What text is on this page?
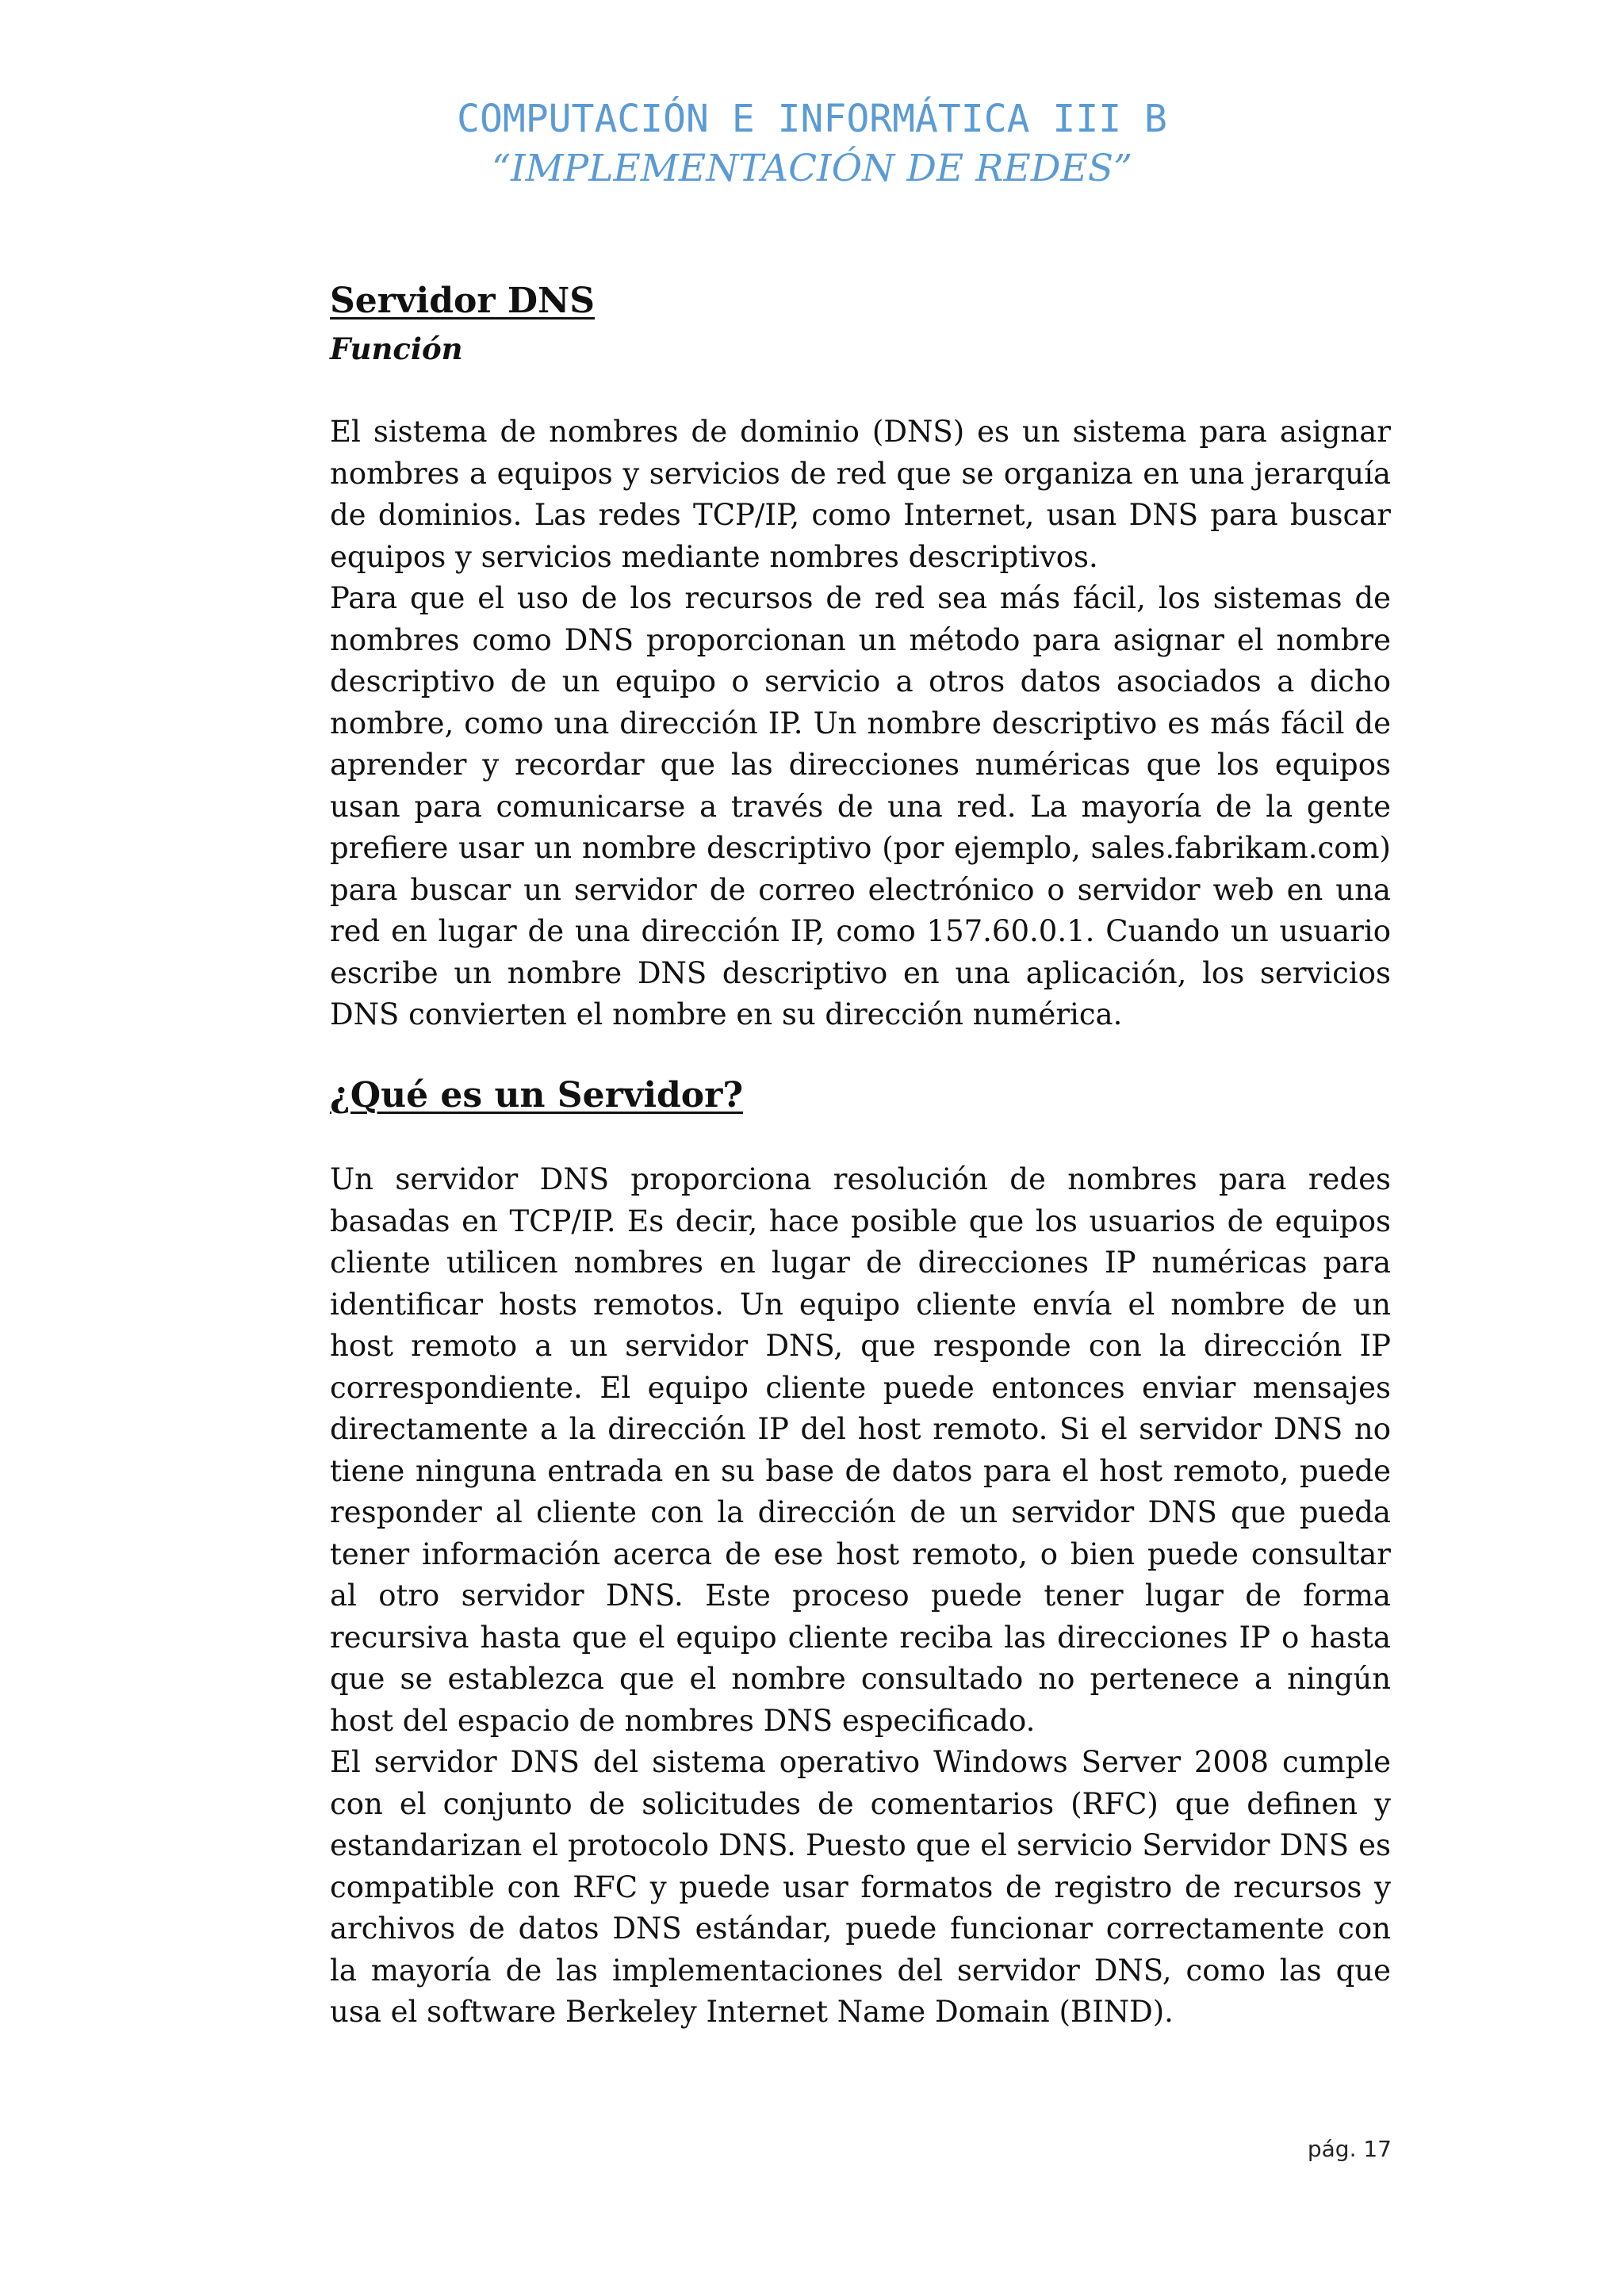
COMPUTACIÓN E INFORMÁTICA III B
“IMPLEMENTACIÓN DE REDES”
Servidor DNS
Función

El sistema de nombres de dominio (DNS) es un sistema para asignar nombres a equipos y servicios de red que se organiza en una jerarquía de dominios. Las redes TCP/IP, como Internet, usan DNS para buscar equipos y servicios mediante nombres descriptivos.

Para que el uso de los recursos de red sea más fácil, los sistemas de nombres como DNS proporcionan un método para asignar el nombre descriptivo de un equipo o servicio a otros datos asociados a dicho nombre, como una dirección IP. Un nombre descriptivo es más fácil de aprender y recordar que las direcciones numéricas que los equipos usan para comunicarse a través de una red. La mayoría de la gente prefiere usar un nombre descriptivo (por ejemplo, sales.fabrikam.com) para buscar un servidor de correo electrónico o servidor web en una red en lugar de una dirección IP, como 157.60.0.1. Cuando un usuario escribe un nombre DNS descriptivo en una aplicación, los servicios DNS convierten el nombre en su dirección numérica.

¿Qué es un Servidor?

Un servidor DNS proporciona resolución de nombres para redes basadas en TCP/IP. Es decir, hace posible que los usuarios de equipos cliente utilicen nombres en lugar de direcciones IP numéricas para identificar hosts remotos. Un equipo cliente envía el nombre de un host remoto a un servidor DNS, que responde con la dirección IP correspondiente. El equipo cliente puede entonces enviar mensajes directamente a la dirección IP del host remoto. Si el servidor DNS no tiene ninguna entrada en su base de datos para el host remoto, puede responder al cliente con la dirección de un servidor DNS que pueda tener información acerca de ese host remoto, o bien puede consultar al otro servidor DNS. Este proceso puede tener lugar de forma recursiva hasta que el equipo cliente reciba las direcciones IP o hasta que se establezca que el nombre consultado no pertenece a ningún host del espacio de nombres DNS especificado.

El servidor DNS del sistema operativo Windows Server 2008 cumple con el conjunto de solicitudes de comentarios (RFC) que definen y estandarizan el protocolo DNS. Puesto que el servicio Servidor DNS es compatible con RFC y puede usar formatos de registro de recursos y archivos de datos DNS estándar, puede funcionar correctamente con la mayoría de las implementaciones del servidor DNS, como las que usa el software Berkeley Internet Name Domain (BIND).

pág. 17
